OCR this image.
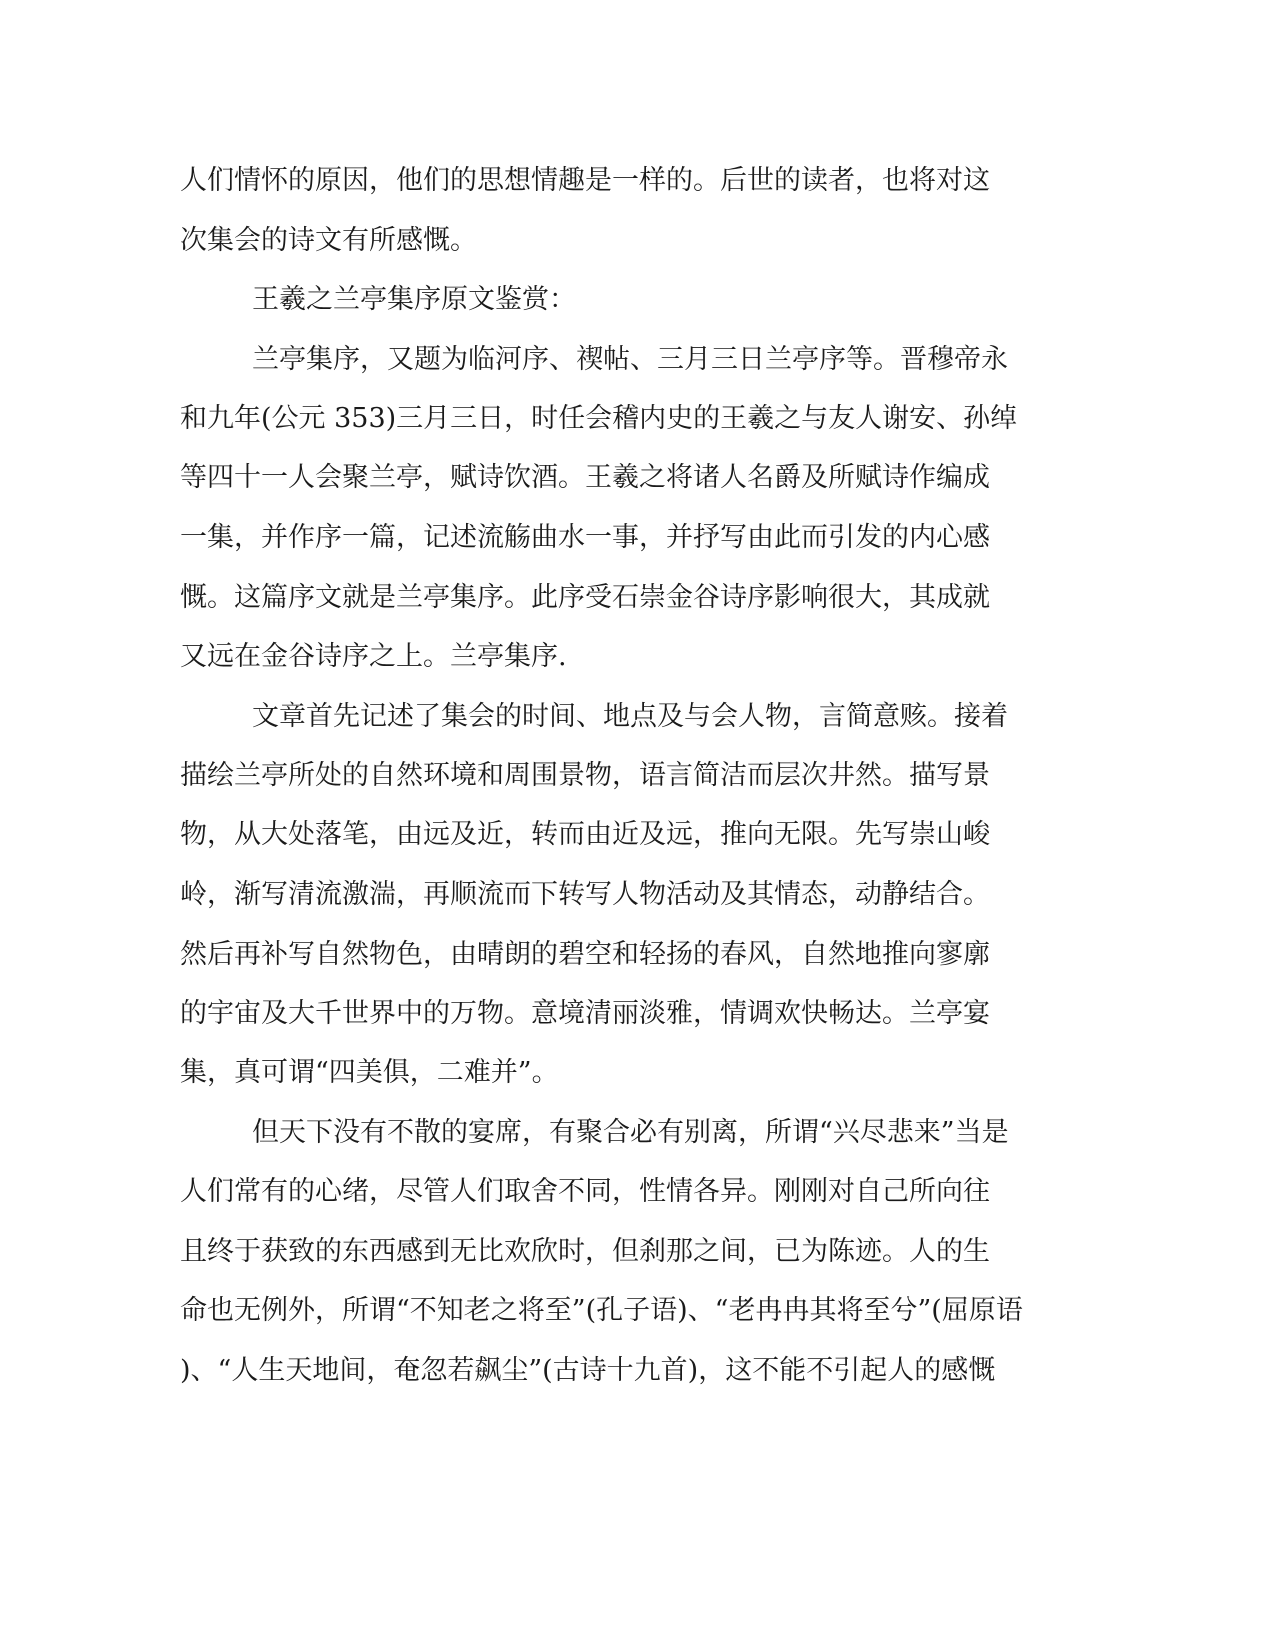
人们情怀的原因，他们的思想情趣是一样的。后世的读者，也将对这

次集会的诗文有所感慨。

王羲之兰亭集序原文鉴赏：

兰亭集序，又题为临河序、禊帖、三月三日兰亭序等。晋穆帝永

和九年(公元 353)三月三日，时任会稽内史的王羲之与友人谢安、孙绰

等四十一人会聚兰亭，赋诗饮酒。王羲之将诸人名爵及所赋诗作编成

一集，并作序一篇，记述流觞曲水一事，并抒写由此而引发的内心感

慨。这篇序文就是兰亭集序。此序受石崇金谷诗序影响很大，其成就

又远在金谷诗序之上。兰亭集序.

文章首先记述了集会的时间、地点及与会人物，言简意赅。接着

描绘兰亭所处的自然环境和周围景物，语言简洁而层次井然。描写景

物，从大处落笔，由远及近，转而由近及远，推向无限。先写崇山峻

岭，渐写清流激湍，再顺流而下转写人物活动及其情态，动静结合。

然后再补写自然物色，由晴朗的碧空和轻扬的春风，自然地推向寥廓

的宇宙及大千世界中的万物。意境清丽淡雅，情调欢快畅达。兰亭宴

集，真可谓“四美俱，二难并”。

但天下没有不散的宴席，有聚合必有别离，所谓“兴尽悲来”当是

人们常有的心绪，尽管人们取舍不同，性情各异。刚刚对自己所向往

且终于获致的东西感到无比欢欣时，但刹那之间，已为陈迹。人的生

命也无例外，所谓“不知老之将至”(孔子语)、“老冉冉其将至兮”(屈原语

)、“人生天地间，奄忽若飙尘”(古诗十九首)，这不能不引起人的感慨
